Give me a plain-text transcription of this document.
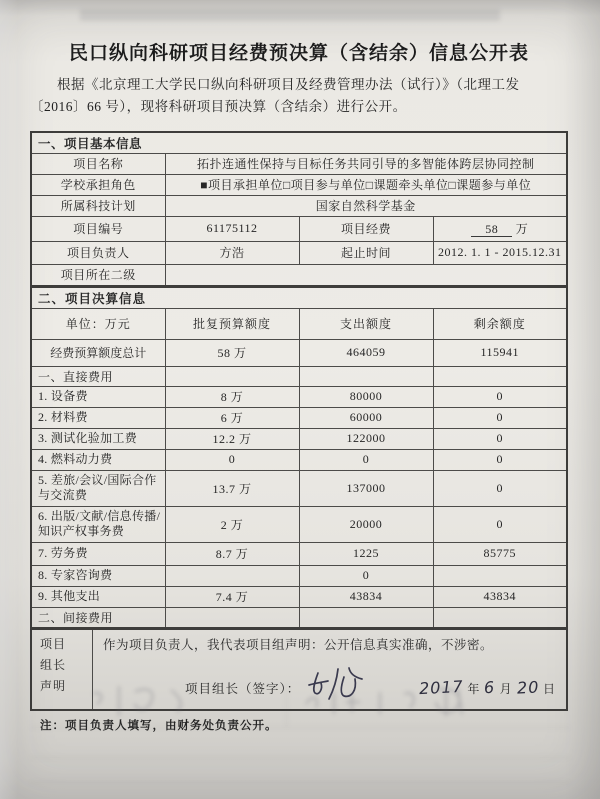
民口纵向科研项目经费预决算（含结余）信息公开表
根据《北京理工大学民口纵向科研项目及经费管理办法（试行）》（北理工发
〔2016〕66 号），现将科研项目预决算（含结余）进行公开。
一、项目基本信息			
项目名称	拓扑连通性保持与目标任务共同引导的多智能体跨层协同控制		
学校承担角色	■项目承担单位□项目参与单位□课题牵头单位□课题参与单位		
所属科技计划	国家自然科学基金		
项目编号	61175112	项目经费	58 万
项目负责人	方浩	起止时间	2012. 1. 1 - 2015.12.31
项目所在二级			
二、项目决算信息			
单位：万元	批复预算额度	支出额度	剩余额度
经费预算额度总计	58 万	464059	115941
一、直接费用			
1. 设备费	8 万	80000	0
2. 材料费	6 万	60000	0
3. 测试化验加工费	12.2 万	122000	0
4. 燃料动力费	0	0	0
5. 差旅/会议/国际合作与交流费	13.7 万	137000	0
6. 出版/文献/信息传播/知识产权事务费	2 万	20000	0
7. 劳务费	8.7 万	1225	85775
8. 专家咨询费		0	
9. 其他支出	7.4 万	43834	43834
二、间接费用			
项目
组长
声明
	作为项目负责人，我代表项目组声明：公开信息真实准确，不涉密。

项目组长（签字）：	2017 年 6 月 20 日
注：项目负责人填写，由财务处负责公开。
